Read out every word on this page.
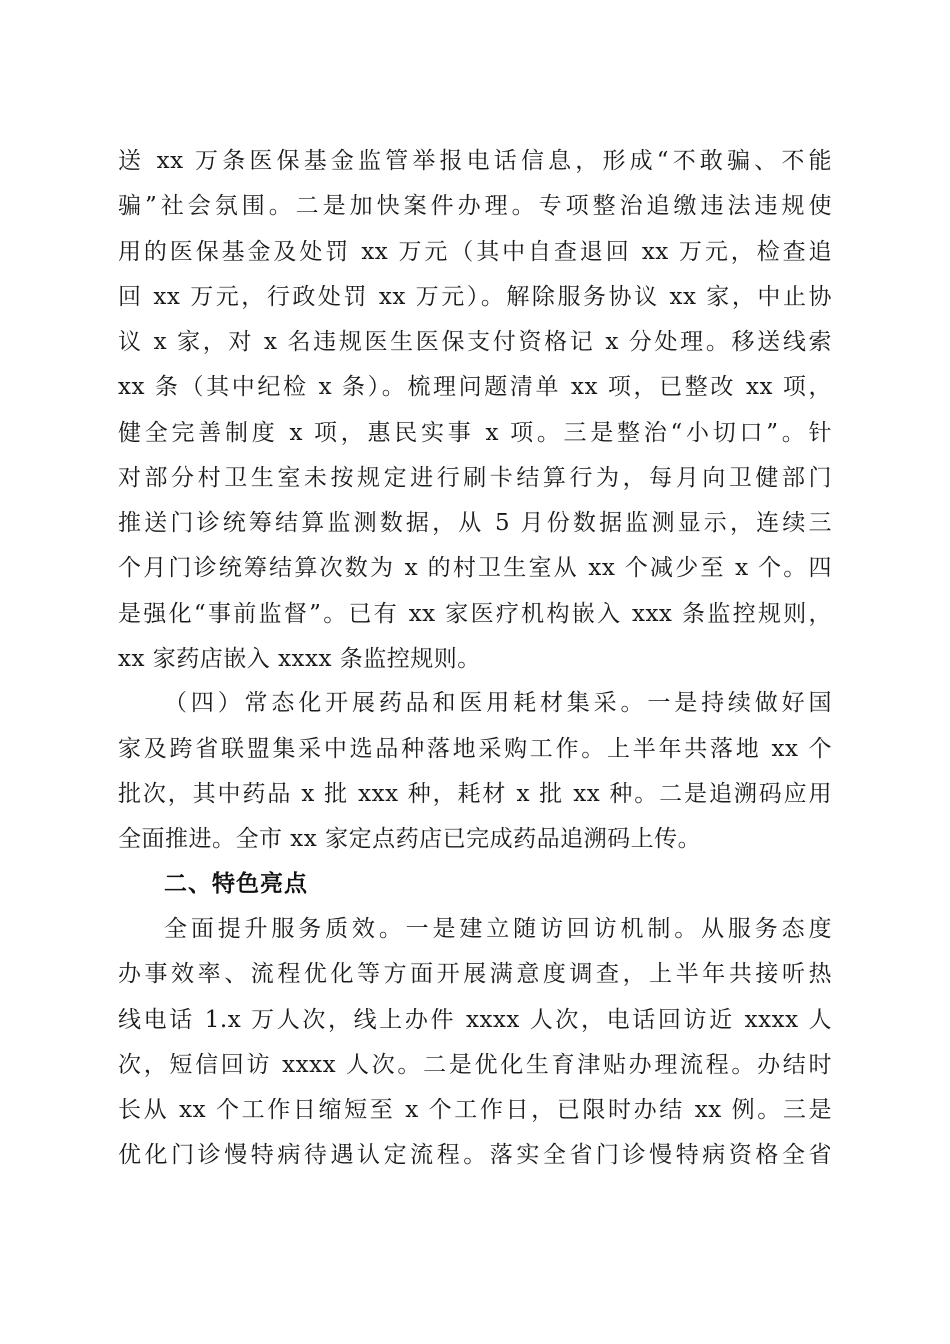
送 xx 万条医保基金监管举报电话信息，形成“不敢骗、不能
骗”社会氛围。二是加快案件办理。专项整治追缴违法违规使
用的医保基金及处罚 xx 万元（其中自查退回 xx 万元，检查追
回 xx 万元，行政处罚 xx 万元）。解除服务协议 xx 家，中止协
议 x 家，对 x 名违规医生医保支付资格记 x 分处理。移送线索
xx 条（其中纪检 x 条）。梳理问题清单 xx 项，已整改 xx 项，
健全完善制度 x 项，惠民实事 x 项。三是整治“小切口”。针
对部分村卫生室未按规定进行刷卡结算行为，每月向卫健部门
推送门诊统筹结算监测数据，从 5 月份数据监测显示，连续三
个月门诊统筹结算次数为 x 的村卫生室从 xx 个减少至 x 个。四
是强化“事前监督”。已有 xx 家医疗机构嵌入 xxx 条监控规则，
xx 家药店嵌入 xxxx 条监控规则。
（四）常态化开展药品和医用耗材集采。一是持续做好国
家及跨省联盟集采中选品种落地采购工作。上半年共落地 xx 个
批次，其中药品 x 批 xxx 种，耗材 x 批 xx 种。二是追溯码应用
全面推进。全市 xx 家定点药店已完成药品追溯码上传。
二、特色亮点
全面提升服务质效。一是建立随访回访机制。从服务态度
办事效率、流程优化等方面开展满意度调查，上半年共接听热
线电话 1.x 万人次，线上办件 xxxx 人次，电话回访近 xxxx 人
次，短信回访 xxxx 人次。二是优化生育津贴办理流程。办结时
长从 xx 个工作日缩短至 x 个工作日，已限时办结 xx 例。三是
优化门诊慢特病待遇认定流程。落实全省门诊慢特病资格全省
